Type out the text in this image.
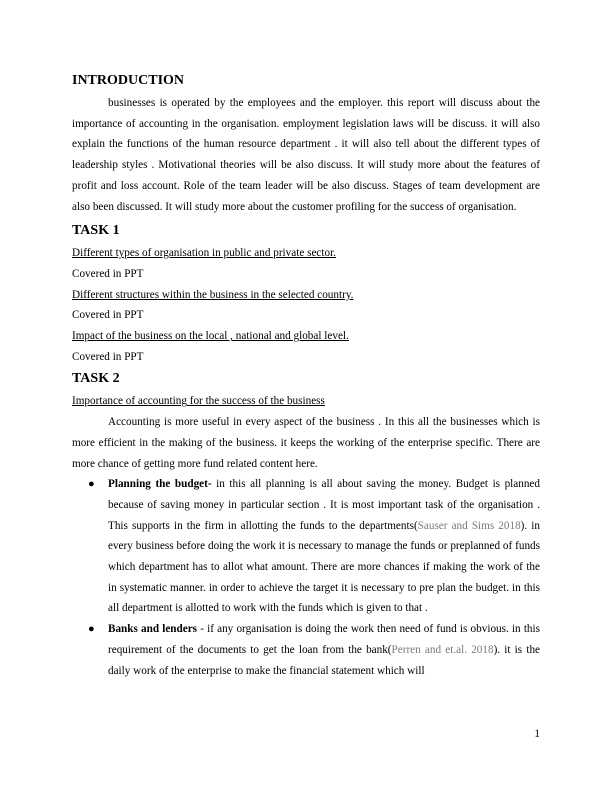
INTRODUCTION

businesses is operated by the employees and the employer. this report will discuss about the importance of accounting in the organisation. employment legislation laws will be discuss. it will also explain the functions of the human resource department . it will also tell about the different types of leadership styles . Motivational theories will be also discuss. It will study more about the features of profit and loss account. Role of the team leader will be also discuss. Stages of team development are also been discussed. It will study more about the customer profiling for the success of organisation.

TASK 1

Different types of organisation in public and private sector.

Covered in PPT

Different structures within the business in the selected country.

Covered in PPT

Impact of the business on the local , national and global level.

Covered in PPT

TASK 2

Importance of accounting for the success of the business

Accounting is more useful in every aspect of the business . In this all the businesses which is more efficient in the making of the business. it keeps the working of the enterprise specific. There are more chance of getting more fund related content here.

● Planning the budget- in this all planning is all about saving the money. Budget is planned because of saving money in particular section . It is most important task of the organisation . This supports in the firm in allotting the funds to the departments(Sauser and Sims 2018). in every business before doing the work it is necessary to manage the funds or preplanned of funds which department has to allot what amount. There are more chances if making the work of the in systematic manner. in order to achieve the target it is necessary to pre plan the budget. in this all department is allotted to work with the funds which is given to that .
● Banks and lenders - if any organisation is doing the work then need of fund is obvious. in this requirement of the documents to get the loan from the bank(Perren and et.al. 2018). it is the daily work of the enterprise to make the financial statement which will
1
